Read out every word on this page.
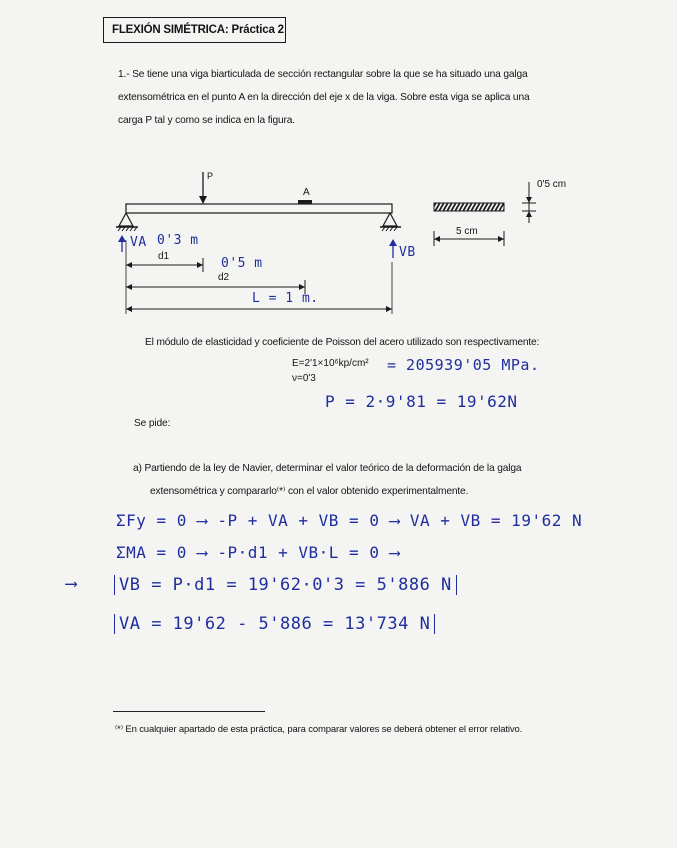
FLEXIÓN SIMÉTRICA: Práctica 2
1.- Se tiene una viga biarticulada de sección rectangular sobre la que se ha situado una galga
extensométrica en el punto A en la dirección del eje x de la viga. Sobre esta viga se aplica una
carga P tal y como se indica en la figura.
P
A
0'5 cm
5 cm
d1
d2
VA 0'3 m
VB
0'5 m
L = 1 m.
El módulo de elasticidad y coeficiente de Poisson del acero utilizado son respectivamente:
E=2'1×10⁶kp/cm²
ν=0'3
= 205939'05 MPa.
P = 2·9'81 = 19'62N
Se pide:
a) Partiendo de la ley de Navier, determinar el valor teórico de la deformación de la galga
extensométrica y compararlo⁽*⁾ con el valor obtenido experimentalmente.
ΣFy = 0 ⟶ -P + VA + VB = 0 ⟶ VA + VB = 19'62 N
ΣMA = 0 ⟶ -P·d1 + VB·L = 0 ⟶
⟶ VB = P·d1 = 19'62·0'3 = 5'886 N
VA = 19'62 - 5'886 = 13'734 N
⁽*⁾ En cualquier apartado de esta práctica, para comparar valores se deberá obtener el error relativo.
